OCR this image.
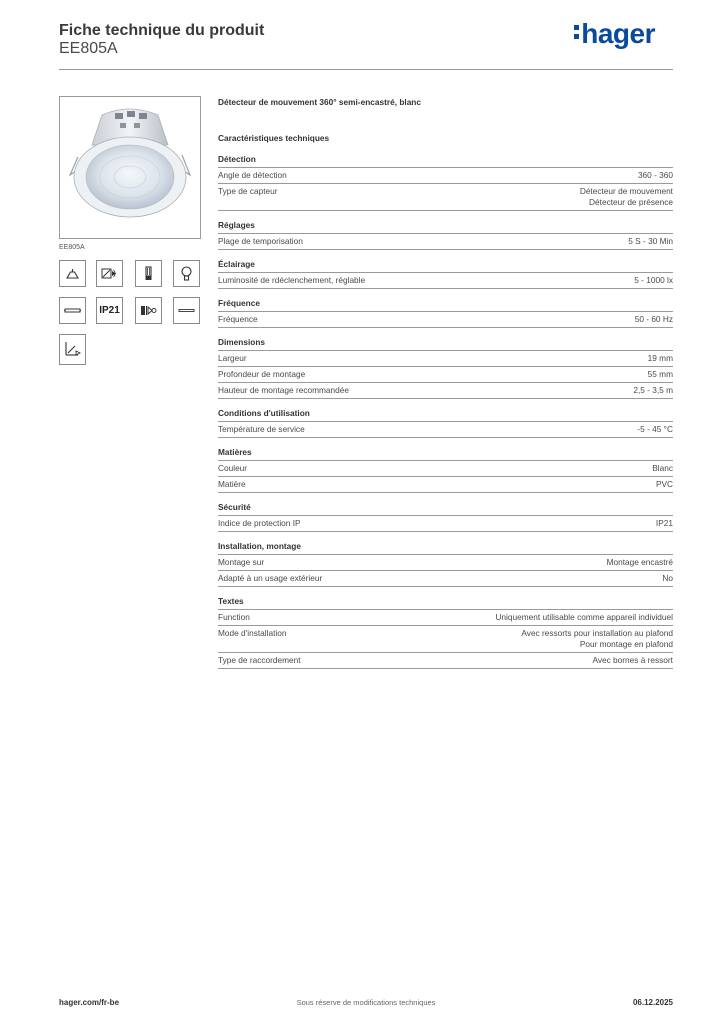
Fiche technique du produit
EE805A	hager
EE805A
IP21
Détecteur de mouvement 360° semi-encastré, blanc
Caractéristiques techniques
Détection
Angle de détection	360 - 360
Type de capteur	Détecteur de mouvement
Détecteur de présence
Réglages
Plage de temporisation	5 S - 30 Min
Éclairage
Luminosité de rdéclenchement, réglable	5 - 1000 lx
Fréquence
Fréquence	50 - 60 Hz
Dimensions
Largeur	19 mm
Profondeur de montage	55 mm
Hauteur de montage recommandée	2,5 - 3,5 m
Conditions d'utilisation
Température de service	-5 - 45 °C
Matières
Couleur	Blanc
Matière	PVC
Sécurité
Indice de protection IP	IP21
Installation, montage
Montage sur	Montage encastré
Adapté à un usage extérieur	No
Textes
Function	Uniquement utilisable comme appareil individuel
Mode d'installation	Avec ressorts pour installation au plafond
Pour montage en plafond
Type de raccordement	Avec bornes à ressort
hager.com/fr-be	Sous réserve de modifications techniques	06.12.2025
